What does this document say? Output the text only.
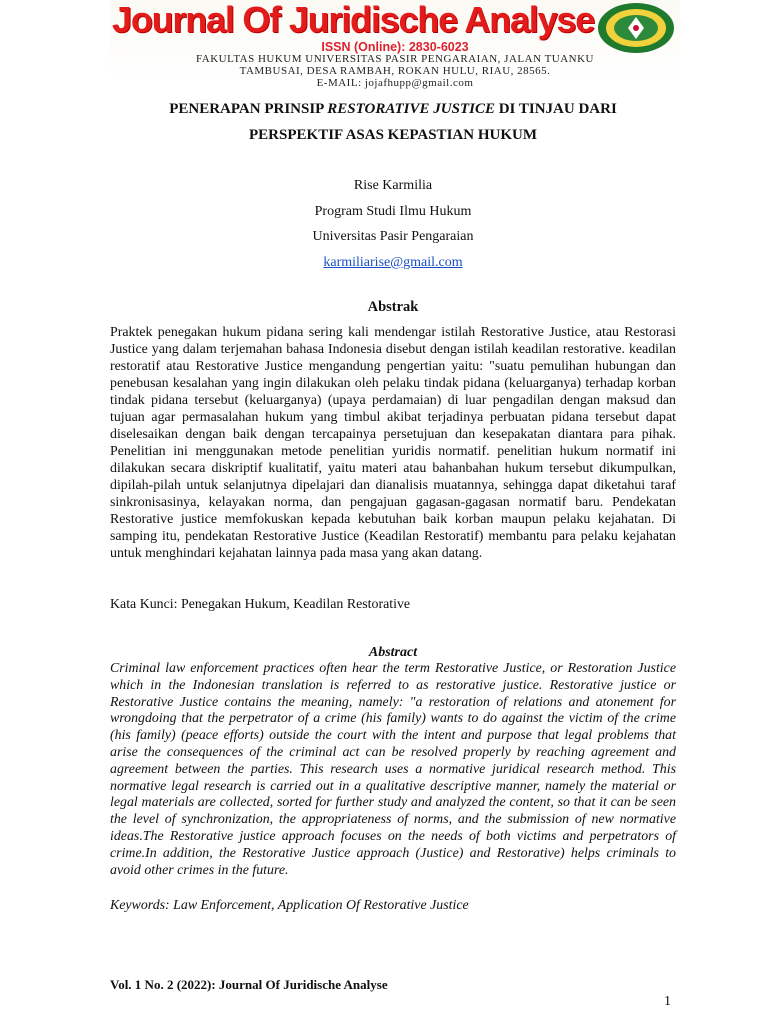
Journal Of Juridische Analyse
ISSN (Online): 2830-6023
FAKULTAS HUKUM UNIVERSITAS PASIR PENGARAIAN, JALAN TUANKU
TAMBUSAI, DESA RAMBAH, ROKAN HULU, RIAU, 28565.
E-MAIL: jojafhupp@gmail.com
PENERAPAN PRINSIP RESTORATIVE JUSTICE DI TINJAU DARI
PERSPEKTIF ASAS KEPASTIAN HUKUM
Rise Karmilia
Program Studi Ilmu Hukum
Universitas Pasir Pengaraian
karmiliarise@gmail.com
Abstrak
Praktek penegakan hukum pidana sering kali mendengar istilah Restorative Justice, atau Restorasi Justice yang dalam terjemahan bahasa Indonesia disebut dengan istilah keadilan restorative. keadilan restoratif atau Restorative Justice mengandung pengertian yaitu: "suatu pemulihan hubungan dan penebusan kesalahan yang ingin dilakukan oleh pelaku tindak pidana (keluarganya) terhadap korban tindak pidana tersebut (keluarganya) (upaya perdamaian) di luar pengadilan dengan maksud dan tujuan agar permasalahan hukum yang timbul akibat terjadinya perbuatan pidana tersebut dapat diselesaikan dengan baik dengan tercapainya persetujuan dan kesepakatan diantara para pihak. Penelitian ini menggunakan metode penelitian yuridis normatif. penelitian hukum normatif ini dilakukan secara diskriptif kualitatif, yaitu materi atau bahanbahan hukum tersebut dikumpulkan, dipilah-pilah untuk selanjutnya dipelajari dan dianalisis muatannya, sehingga dapat diketahui taraf sinkronisasinya, kelayakan norma, dan pengajuan gagasan-gagasan normatif baru. Pendekatan Restorative justice memfokuskan kepada kebutuhan baik korban maupun pelaku kejahatan. Di samping itu, pendekatan Restorative Justice (Keadilan Restoratif) membantu para pelaku kejahatan untuk menghindari kejahatan lainnya pada masa yang akan datang.
Kata Kunci: Penegakan Hukum, Keadilan Restorative
Abstract
Criminal law enforcement practices often hear the term Restorative Justice, or Restoration Justice which in the Indonesian translation is referred to as restorative justice. Restorative justice or Restorative Justice contains the meaning, namely: "a restoration of relations and atonement for wrongdoing that the perpetrator of a crime (his family) wants to do against the victim of the crime (his family) (peace efforts) outside the court with the intent and purpose that legal problems that arise the consequences of the criminal act can be resolved properly by reaching agreement and agreement between the parties. This research uses a normative juridical research method. This normative legal research is carried out in a qualitative descriptive manner, namely the material or legal materials are collected, sorted for further study and analyzed the content, so that it can be seen the level of synchronization, the appropriateness of norms, and the submission of new normative ideas.The Restorative justice approach focuses on the needs of both victims and perpetrators of crime.In addition, the Restorative Justice approach (Justice) and Restorative) helps criminals to avoid other crimes in the future.
Keywords: Law Enforcement, Application Of Restorative Justice
Vol. 1 No. 2 (2022): Journal Of Juridische Analyse
1
